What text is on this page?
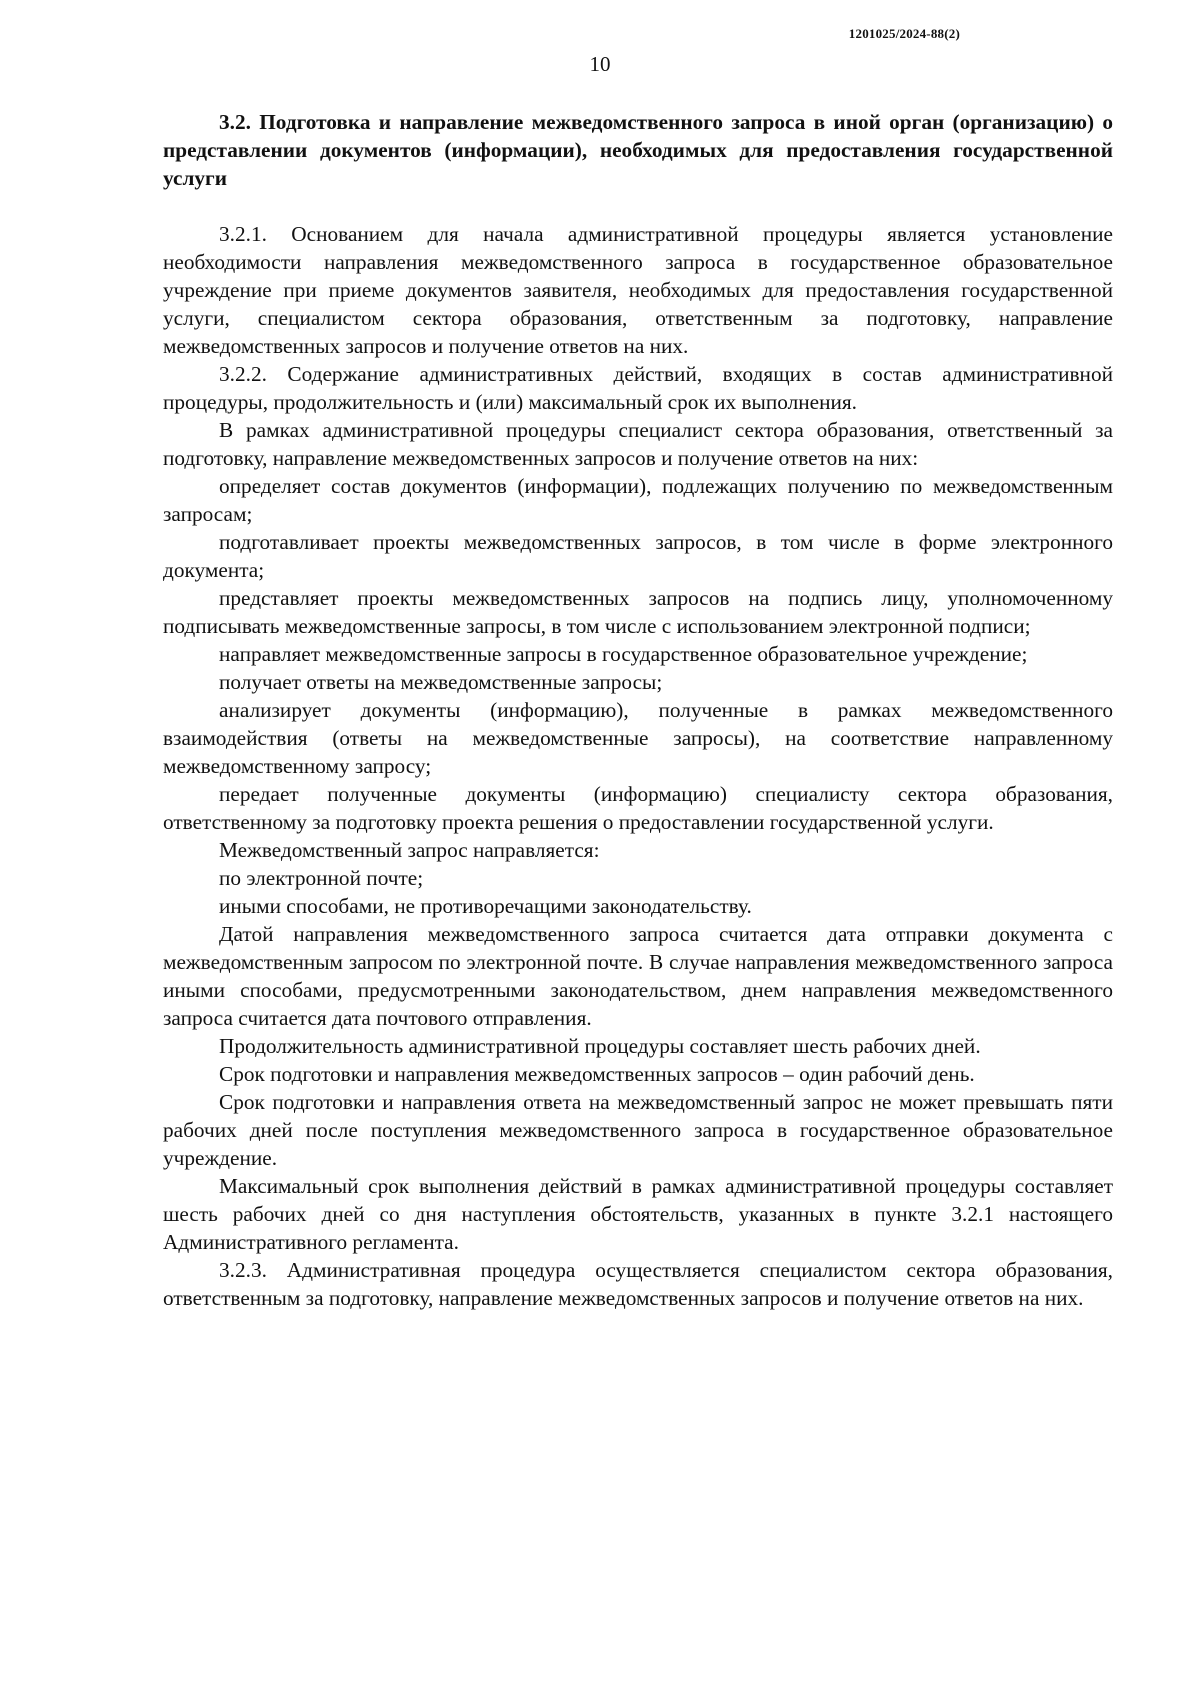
1201025/2024-88(2)
10

3.2. Подготовка и направление межведомственного запроса в иной орган (организацию) о представлении документов (информации), необходимых для предоставления государственной услуги

3.2.1. Основанием для начала административной процедуры является установление необходимости направления межведомственного запроса в государственное образовательное учреждение при приеме документов заявителя, необходимых для предоставления государственной услуги, специалистом сектора образования, ответственным за подготовку, направление межведомственных запросов и получение ответов на них.

3.2.2. Содержание административных действий, входящих в состав административной процедуры, продолжительность и (или) максимальный срок их выполнения.

В рамках административной процедуры специалист сектора образования, ответственный за подготовку, направление межведомственных запросов и получение ответов на них:

определяет состав документов (информации), подлежащих получению по межведомственным запросам;

подготавливает проекты межведомственных запросов, в том числе в форме электронного документа;

представляет проекты межведомственных запросов на подпись лицу, уполномоченному подписывать межведомственные запросы, в том числе с использованием электронной подписи;

направляет межведомственные запросы в государственное образовательное учреждение;

получает ответы на межведомственные запросы;

анализирует документы (информацию), полученные в рамках межведомственного взаимодействия (ответы на межведомственные запросы), на соответствие направленному межведомственному запросу;

передает полученные документы (информацию) специалисту сектора образования, ответственному за подготовку проекта решения о предоставлении государственной услуги.

Межведомственный запрос направляется:

по электронной почте;

иными способами, не противоречащими законодательству.

Датой направления межведомственного запроса считается дата отправки документа с межведомственным запросом по электронной почте. В случае направления межведомственного запроса иными способами, предусмотренными законодательством, днем направления межведомственного запроса считается дата почтового отправления.

Продолжительность административной процедуры составляет шесть рабочих дней.

Срок подготовки и направления межведомственных запросов – один рабочий день.

Срок подготовки и направления ответа на межведомственный запрос не может превышать пяти рабочих дней после поступления межведомственного запроса в государственное образовательное учреждение.

Максимальный срок выполнения действий в рамках административной процедуры составляет шесть рабочих дней со дня наступления обстоятельств, указанных в пункте 3.2.1 настоящего Административного регламента.

3.2.3. Административная процедура осуществляется специалистом сектора образования, ответственным за подготовку, направление межведомственных запросов и получение ответов на них.
